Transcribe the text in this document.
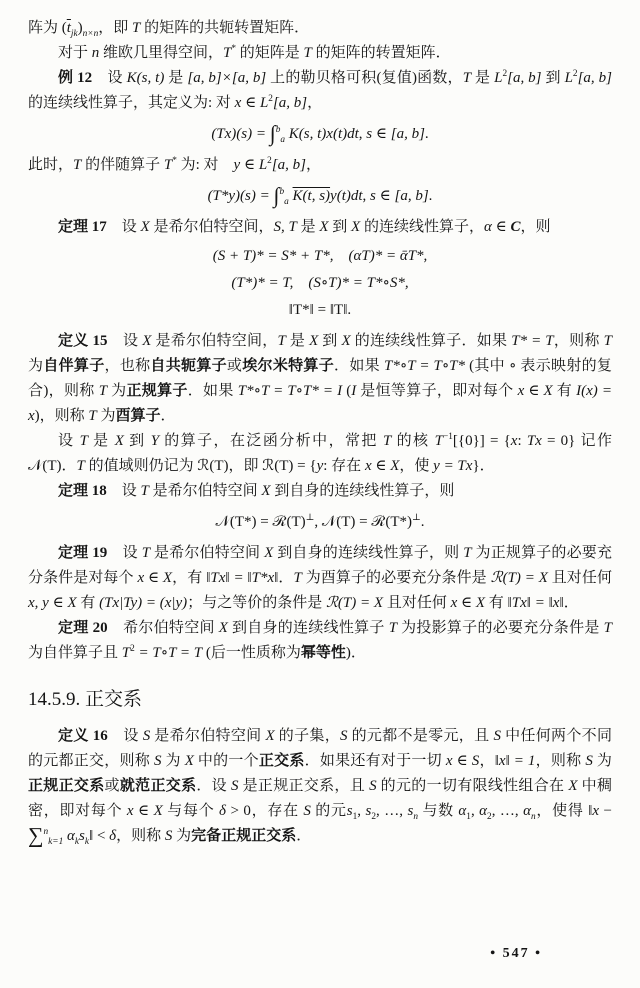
阵为 $(\overline{t}_{jk})_{n\times n}$，即 T 的矩阵的共轭转置矩阵．

对于 n 维欧几里得空间，T* 的矩阵是 T 的矩阵的转置矩阵．

例 12　设 K(s, t) 是 [a, b]×[a, b] 上的勒贝格可积(复值)函数，T 是 $L^2[a$, b] 到 $L^2[a$, b] 的连续线性算子，其定义为: 对 x ∈ $L^2[a$, b]，

(Tx)(s) = ∫$^b_a$ K(s, t)x(t)dt, s ∈ [a, b].

此时，T 的伴随算子 T* 为: 对　y ∈ $L^2[a$, b]，

(T*y)(s) = ∫$^b_a$ K(t, s)y(t)dt, s ∈ [a, b].

定理 17　设 X 是希尔伯特空间，S, T 是 X 到 X 的连续线性算子，α ∈ C，则

(S + T)* = S* + T*,　(αT)* = ᾱT*,
(T*)* = T,　(S∘T)* = T*∘S*,
‖T*‖ = ‖T‖.

定义 15　设 X 是希尔伯特空间，T 是 X 到 X 的连续线性算子．如果 T* = T，则称 T 为自伴算子，也称自共轭算子或埃尔米特算子．如果 T*∘T = T∘T* (其中 ∘ 表示映射的复合)，则称 T 为正规算子．如果 T*∘T = T∘T* = I (I 是恒等算子，即对每个 x ∈ X 有 I(x) = x)，则称 T 为酉算子．

设 T 是 X 到 Y 的算子，在泛函分析中，常把 T 的核 $T^{-1}[\{0\}] = \{x$: Tx = 0} 记作 𝒩(T)．T 的值域则仍记为 ℛ(T)，即 ℛ(T) = {y: 存在 x ∈ X，使 y = Tx}．

定理 18　设 T 是希尔伯特空间 X 到自身的连续线性算子，则

𝒩(T*) = ℛ(T)⊥, 𝒩(T) = ℛ(T*)⊥.

定理 19　设 T 是希尔伯特空间 X 到自身的连续线性算子，则 T 为正规算子的必要充分条件是对每个 x ∈ X，有 ‖Tx‖ = ‖T*x‖．T 为酉算子的必要充分条件是 ℛ(T) = X 且对任何 x, y ∈ X 有 (Tx|Ty) = (x|y)；与之等价的条件是 ℛ(T) = X 且对任何 x ∈ X 有 ‖Tx‖ = ‖x‖．

定理 20　希尔伯特空间 X 到自身的连续线性算子 T 为投影算子的必要充分条件是 T 为自伴算子且 $T^2$ = T∘T = T (后一性质称为幂等性)．

14.5.9. 正交系

定义 16　设 S 是希尔伯特空间 X 的子集，S 的元都不是零元，且 S 中任何两个不同的元都正交，则称 S 为 X 中的一个正交系．如果还有对于一切 x ∈ S，‖x‖ = 1，则称 S 为正规正交系或就范正交系．设 S 是正规正交系，且 S 的元的一切有限线性组合在 X 中稠密，即对每个 x ∈ X 与每个 δ > 0，存在 S 的元$s_1$, $s_2$, …, $s_n$ 与数 $\alpha_1$, $\alpha_2$, …, $\alpha_n$，使得 ‖x − ∑$^n_{k=1}$ $\alpha_ks_k‖ < \delta$，则称 S 为完备正规正交系．

• 547 •
